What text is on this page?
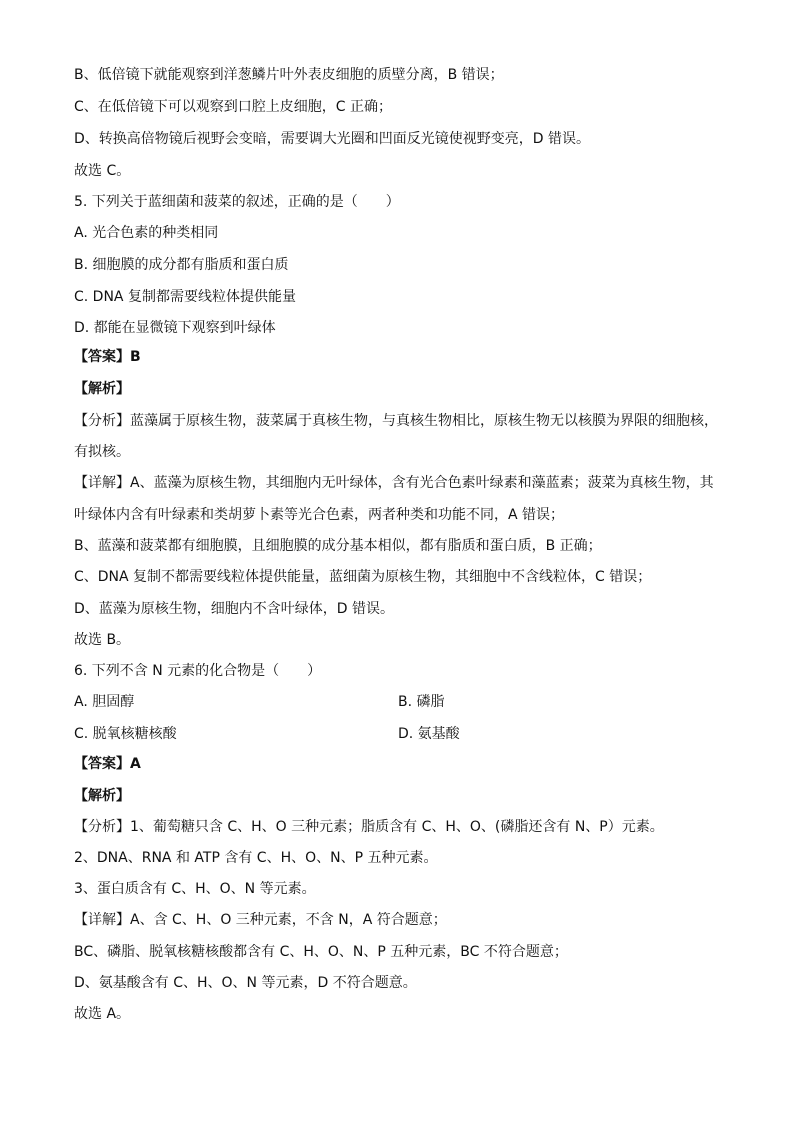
B、低倍镜下就能观察到洋葱鳞片叶外表皮细胞的质壁分离，B 错误；
C、在低倍镜下可以观察到口腔上皮细胞，C 正确；
D、转换高倍物镜后视野会变暗，需要调大光圈和凹面反光镜使视野变亮，D 错误。
故选 C。
5. 下列关于蓝细菌和菠菜的叙述，正确的是（　　）
A. 光合色素的种类相同
B. 细胞膜的成分都有脂质和蛋白质
C. DNA 复制都需要线粒体提供能量
D. 都能在显微镜下观察到叶绿体
【答案】B
【解析】
【分析】蓝藻属于原核生物，菠菜属于真核生物，与真核生物相比，原核生物无以核膜为界限的细胞核，
有拟核。
【详解】A、蓝藻为原核生物，其细胞内无叶绿体，含有光合色素叶绿素和藻蓝素；菠菜为真核生物，其
叶绿体内含有叶绿素和类胡萝卜素等光合色素，两者种类和功能不同，A 错误；
B、蓝藻和菠菜都有细胞膜，且细胞膜的成分基本相似，都有脂质和蛋白质，B 正确；
C、DNA 复制不都需要线粒体提供能量，蓝细菌为原核生物，其细胞中不含线粒体，C 错误；
D、蓝藻为原核生物，细胞内不含叶绿体，D 错误。
故选 B。
6. 下列不含 N 元素的化合物是（　　）
A. 胆固醇	B. 磷脂
C. 脱氧核糖核酸	D. 氨基酸
【答案】A
【解析】
【分析】1、葡萄糖只含 C、H、O 三种元素；脂质含有 C、H、O、(磷脂还含有 N、P）元素。
2、DNA、RNA 和 ATP 含有 C、H、O、N、P 五种元素。
3、蛋白质含有 C、H、O、N 等元素。
【详解】A、含 C、H、O 三种元素，不含 N，A 符合题意；
BC、磷脂、脱氧核糖核酸都含有 C、H、O、N、P 五种元素，BC 不符合题意；
D、氨基酸含有 C、H、O、N 等元素，D 不符合题意。
故选 A。
